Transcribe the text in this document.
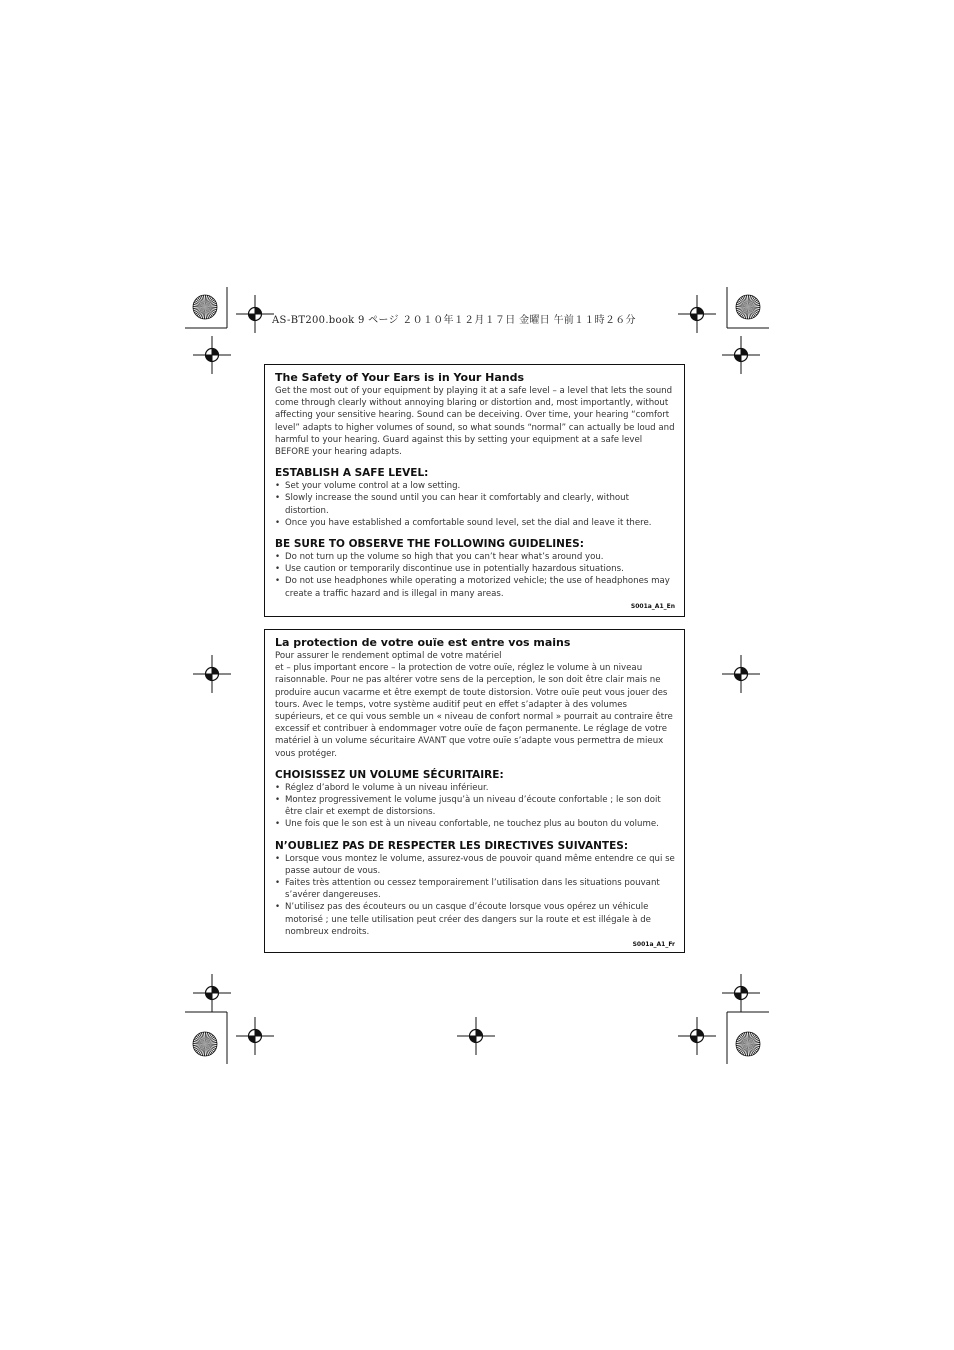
AS-BT200.book 9 ページ ２０１０年１２月１７日 金曜日 午前１１時２６分
The Safety of Your Ears is in Your Hands

Get the most out of your equipment by playing it at a safe level – a level that lets the sound come through clearly without annoying blaring or distortion and, most importantly, without affecting your sensitive hearing. Sound can be deceiving. Over time, your hearing “comfort level” adapts to higher volumes of sound, so what sounds “normal” can actually be loud and harmful to your hearing. Guard against this by setting your equipment at a safe level BEFORE your hearing adapts.

ESTABLISH A SAFE LEVEL:
• Set your volume control at a low setting.
• Slowly increase the sound until you can hear it comfortably and clearly, without distortion.
• Once you have established a comfortable sound level, set the dial and leave it there.
BE SURE TO OBSERVE THE FOLLOWING GUIDELINES:
• Do not turn up the volume so high that you can’t hear what’s around you.
• Use caution or temporarily discontinue use in potentially hazardous situations.
• Do not use headphones while operating a motorized vehicle; the use of headphones may create a traffic hazard and is illegal in many areas.
S001a_A1_En
La protection de votre ouïe est entre vos mains

Pour assurer le rendement optimal de votre matériel

et – plus important encore – la protection de votre ouïe, réglez le volume à un niveau raisonnable. Pour ne pas altérer votre sens de la perception, le son doit être clair mais ne produire aucun vacarme et être exempt de toute distorsion. Votre ouïe peut vous jouer des tours. Avec le temps, votre système auditif peut en effet s’adapter à des volumes supérieurs, et ce qui vous semble un « niveau de confort normal » pourrait au contraire être excessif et contribuer à endommager votre ouïe de façon permanente. Le réglage de votre matériel à un volume sécuritaire AVANT que votre ouïe s’adapte vous permettra de mieux vous protéger.

CHOISISSEZ UN VOLUME SÉCURITAIRE:
• Réglez d’abord le volume à un niveau inférieur.
• Montez progressivement le volume jusqu’à un niveau d’écoute confortable ; le son doit être clair et exempt de distorsions.
• Une fois que le son est à un niveau confortable, ne touchez plus au bouton du volume.
N’OUBLIEZ PAS DE RESPECTER LES DIRECTIVES SUIVANTES:
• Lorsque vous montez le volume, assurez-vous de pouvoir quand même entendre ce qui se passe autour de vous.
• Faites très attention ou cessez temporairement l’utilisation dans les situations pouvant s’avérer dangereuses.
• N’utilisez pas des écouteurs ou un casque d’écoute lorsque vous opérez un véhicule motorisé ; une telle utilisation peut créer des dangers sur la route et est illégale à de nombreux endroits.
S001a_A1_Fr
